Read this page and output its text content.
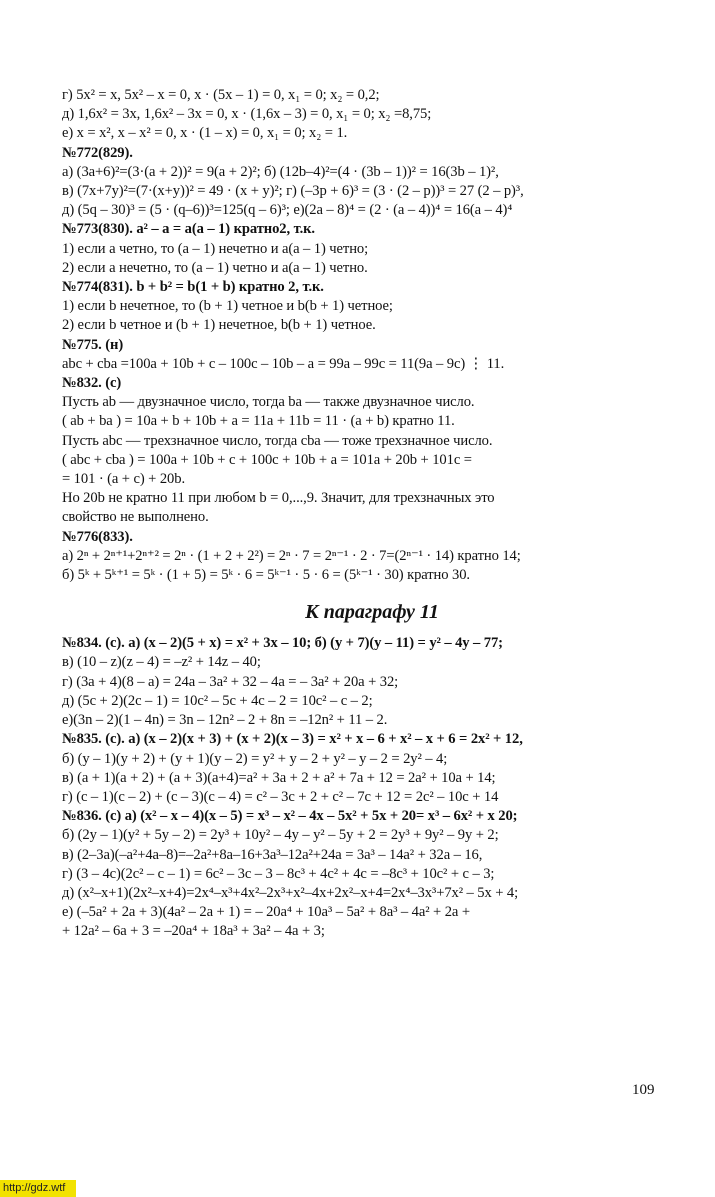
г) 5x² = x, 5x² – x = 0, x · (5x – 1) = 0, x₁ = 0; x₂ = 0,2;
д) 1,6x² = 3x, 1,6x² – 3x = 0, x · (1,6x – 3) = 0, x₁ = 0; x₂ =8,75;
е) x = x², x – x² = 0, x · (1 – x) = 0, x₁ = 0; x₂ = 1.
№772(829).
а) (3a+6)²=(3·(a + 2))² = 9(a + 2)²; б) (12b–4)²=(4 · (3b – 1))² = 16(3b – 1)²,
в) (7x+7y)²=(7·(x+y))² = 49 · (x + y)²; г) (–3p + 6)³ = (3 · (2 – p))³ = 27 (2 – p)³,
д) (5q – 30)³ = (5 · (q–6))³=125(q – 6)³; е)(2a – 8)⁴ = (2 · (a – 4))⁴ = 16(a – 4)⁴
№773(830). a² – a = a(a – 1) кратно2, т.к.
1) если a четно, то (a – 1) нечетно и a(a – 1) четно;
2) если a нечетно, то (a – 1) четно и a(a – 1) четно.
№774(831). b + b² = b(1 + b) кратно 2, т.к.
1) если b нечетное, то (b + 1) четное и b(b + 1) четное;
2) если b четное и (b + 1) нечетное, b(b + 1) четное.
№775. (н)
abc + cba =100a + 10b + c – 100c – 10b – a = 99a – 99c = 11(9a – 9c) ⋮ 11.
№832. (с)
Пусть ab — двузначное число, тогда ba — также двузначное число.
( ab + ba ) = 10a + b + 10b + a = 11a + 11b = 11 · (a + b) кратно 11.
Пусть abc — трехзначное число, тогда cba — тоже трехзначное число.
( abc + cba ) = 100a + 10b + c + 100c + 10b + a = 101a + 20b + 101c =
= 101 · (a + c) + 20b.
Но 20b не кратно 11 при любом b = 0,...,9. Значит, для трехзначных это
свойство не выполнено.
№776(833).
а) 2ⁿ + 2ⁿ⁺¹+2ⁿ⁺² = 2ⁿ · (1 + 2 + 2²) = 2ⁿ · 7 = 2ⁿ⁻¹ · 2 · 7=(2ⁿ⁻¹ · 14) кратно 14;
б) 5ᵏ + 5ᵏ⁺¹ = 5ᵏ · (1 + 5) = 5ᵏ · 6 = 5ᵏ⁻¹ · 5 · 6 = (5ᵏ⁻¹ · 30) кратно 30.
К параграфу 11
№834. (с). а) (x – 2)(5 + x) = x² + 3x – 10; б) (y + 7)(y – 11) = y² – 4y – 77;
в) (10 – z)(z – 4) = –z² + 14z – 40;
г) (3a + 4)(8 – a) = 24a – 3a² + 32 – 4a = – 3a² + 20a + 32;
д) (5c + 2)(2c – 1) = 10c² – 5c + 4c – 2 = 10c² – c – 2;
е)(3n – 2)(1 – 4n) = 3n – 12n² – 2 + 8n = –12n² + 11 – 2.
№835. (с). а) (x – 2)(x + 3) + (x + 2)(x – 3) = x² + x – 6 + x² – x + 6 = 2x² + 12,
б) (y – 1)(y + 2) + (y + 1)(y – 2) = y² + y – 2 + y² – y – 2 = 2y² – 4;
в) (a + 1)(a + 2) + (a + 3)(a+4)=a² + 3a + 2 + a² + 7a + 12 = 2a² + 10a + 14;
г) (c – 1)(c – 2) + (c – 3)(c – 4) = c² – 3c + 2 + c² – 7c + 12 = 2c² – 10c + 14
№836. (с) а) (x² – x – 4)(x – 5) = x³ – x² – 4x – 5x² + 5x + 20= x³ – 6x² + x 20;
б) (2y – 1)(y² + 5y – 2) = 2y³ + 10y² – 4y – y² – 5y + 2 = 2y³ + 9y² – 9y + 2;
в) (2–3a)(–a²+4a–8)=–2a²+8a–16+3a³–12a²+24a = 3a³ – 14a² + 32a – 16,
г) (3 – 4c)(2c² – c – 1) = 6c² – 3c – 3 – 8c³ + 4c² + 4c = –8c³ + 10c² + c – 3;
д) (x²–x+1)(2x²–x+4)=2x⁴–x³+4x²–2x³+x²–4x+2x²–x+4=2x⁴–3x³+7x² – 5x + 4;
е) (–5a² + 2a + 3)(4a² – 2a + 1) = – 20a⁴ + 10a³ – 5a² + 8a³ – 4a² + 2a +
+ 12a² – 6a + 3 = –20a⁴ + 18a³ + 3a² – 4a + 3;
109
http://gdz.wtf
